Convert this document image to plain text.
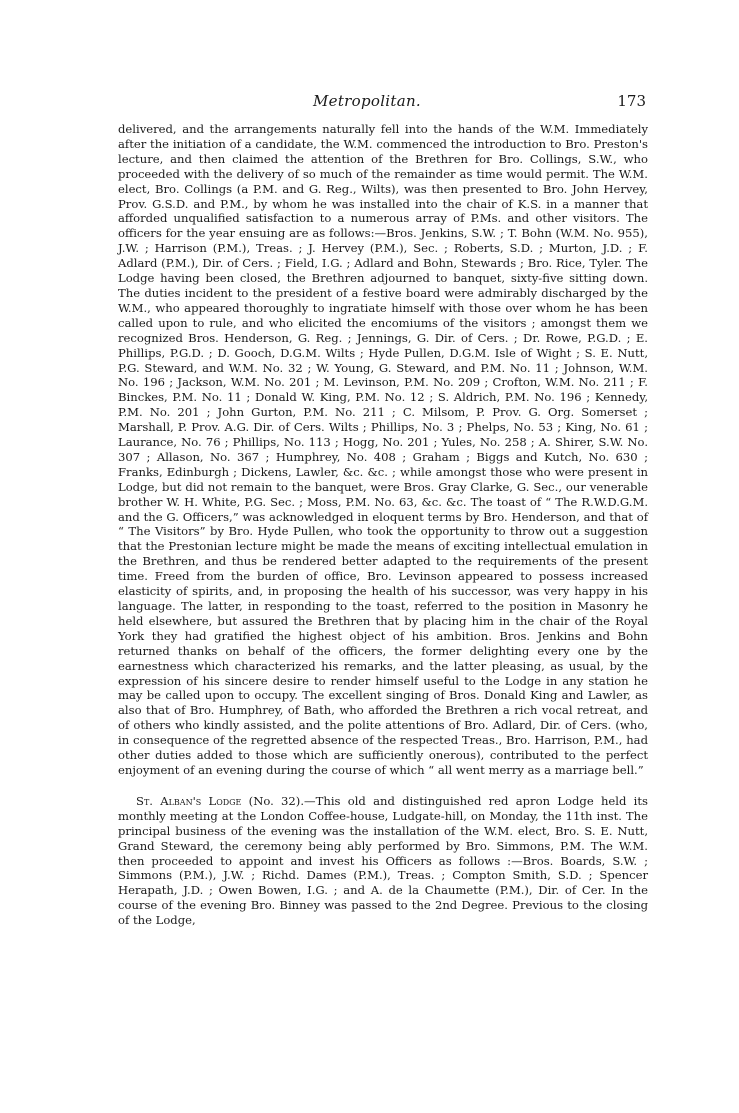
Metropolitan.	173

delivered, and the arrangements naturally fell into the hands of the W.M. Immediately after the initiation of a candidate, the W.M. commenced the introduction to Bro. Preston's lecture, and then claimed the attention of the Brethren for Bro. Collings, S.W., who proceeded with the delivery of so much of the remainder as time would permit. The W.M. elect, Bro. Collings (a P.M. and G. Reg., Wilts), was then presented to Bro. John Hervey, Prov. G.S.D. and P.M., by whom he was installed into the chair of K.S. in a manner that afforded unqualified satisfaction to a numerous array of P.Ms. and other visitors. The officers for the year ensuing are as follows:—Bros. Jenkins, S.W. ; T. Bohn (W.M. No. 955), J.W. ; Harrison (P.M.), Treas. ; J. Hervey (P.M.), Sec. ; Roberts, S.D. ; Murton, J.D. ; F. Adlard (P.M.), Dir. of Cers. ; Field, I.G. ; Adlard and Bohn, Stewards ; Bro. Rice, Tyler. The Lodge having been closed, the Brethren adjourned to banquet, sixty-five sitting down. The duties incident to the president of a festive board were admirably discharged by the W.M., who appeared thoroughly to ingratiate himself with those over whom he has been called upon to rule, and who elicited the encomiums of the visitors ; amongst them we recognized Bros. Henderson, G. Reg. ; Jennings, G. Dir. of Cers. ; Dr. Rowe, P.G.D. ; E. Phillips, P.G.D. ; D. Gooch, D.G.M. Wilts ; Hyde Pullen, D.G.M. Isle of Wight ; S. E. Nutt, P.G. Steward, and W.M. No. 32 ; W. Young, G. Steward, and P.M. No. 11 ; Johnson, W.M. No. 196 ; Jackson, W.M. No. 201 ; M. Levinson, P.M. No. 209 ; Crofton, W.M. No. 211 ; F. Binckes, P.M. No. 11 ; Donald W. King, P.M. No. 12 ; S. Aldrich, P.M. No. 196 ; Kennedy, P.M. No. 201 ; John Gurton, P.M. No. 211 ; C. Milsom, P. Prov. G. Org. Somerset ; Marshall, P. Prov. A.G. Dir. of Cers. Wilts ; Phillips, No. 3 ; Phelps, No. 53 ; King, No. 61 ; Laurance, No. 76 ; Phillips, No. 113 ; Hogg, No. 201 ; Yules, No. 258 ; A. Shirer, S.W. No. 307 ; Allason, No. 367 ; Humphrey, No. 408 ; Graham ; Biggs and Kutch, No. 630 ; Franks, Edinburgh ; Dickens, Lawler, &c. &c. ; while amongst those who were present in Lodge, but did not remain to the banquet, were Bros. Gray Clarke, G. Sec., our venerable brother W. H. White, P.G. Sec. ; Moss, P.M. No. 63, &c. &c. The toast of “ The R.W.D.G.M. and the G. Officers,” was acknowledged in eloquent terms by Bro. Henderson, and that of “ The Visitors” by Bro. Hyde Pullen, who took the opportunity to throw out a suggestion that the Prestonian lecture might be made the means of exciting intellectual emulation in the Brethren, and thus be rendered better adapted to the requirements of the present time. Freed from the burden of office, Bro. Levinson appeared to possess increased elasticity of spirits, and, in proposing the health of his successor, was very happy in his language. The latter, in responding to the toast, referred to the position in Masonry he held elsewhere, but assured the Brethren that by placing him in the chair of the Royal York they had gratified the highest object of his ambition. Bros. Jenkins and Bohn returned thanks on behalf of the officers, the former delighting every one by the earnestness which characterized his remarks, and the latter pleasing, as usual, by the expression of his sincere desire to render himself useful to the Lodge in any station he may be called upon to occupy. The excellent singing of Bros. Donald King and Lawler, as also that of Bro. Humphrey, of Bath, who afforded the Brethren a rich vocal retreat, and of others who kindly assisted, and the polite attentions of Bro. Adlard, Dir. of Cers. (who, in consequence of the regretted absence of the respected Treas., Bro. Harrison, P.M., had other duties added to those which are sufficiently onerous), contributed to the perfect enjoyment of an evening during the course of which “ all went merry as a marriage bell.”

St. Alban's Lodge (No. 32).—This old and distinguished red apron Lodge held its monthly meeting at the London Coffee-house, Ludgate-hill, on Monday, the 11th inst. The principal business of the evening was the installation of the W.M. elect, Bro. S. E. Nutt, Grand Steward, the ceremony being ably performed by Bro. Simmons, P.M. The W.M. then proceeded to appoint and invest his Officers as follows :—Bros. Boards, S.W. ; Simmons (P.M.), J.W. ; Richd. Dames (P.M.), Treas. ; Compton Smith, S.D. ; Spencer Herapath, J.D. ; Owen Bowen, I.G. ; and A. de la Chaumette (P.M.), Dir. of Cer. In the course of the evening Bro. Binney was passed to the 2nd Degree. Previous to the closing of the Lodge,
